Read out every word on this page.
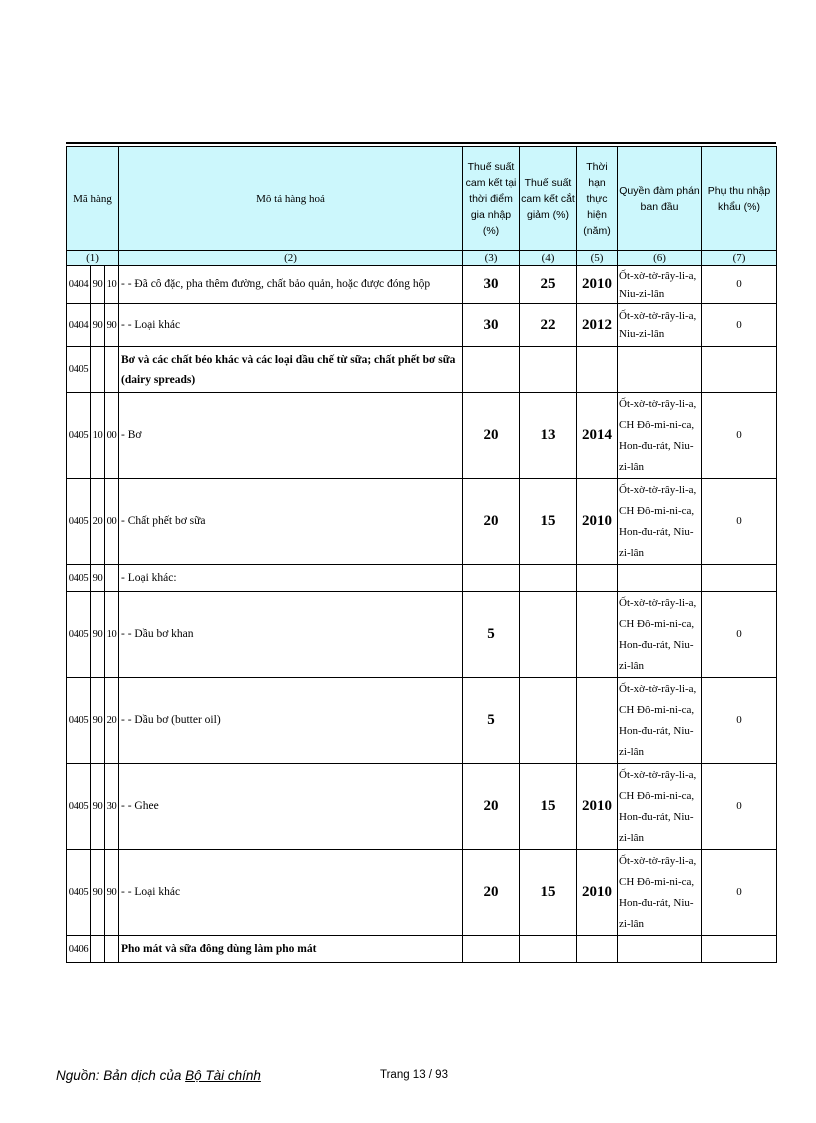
Mã hàng			Mô tả hàng hoá	Thuế suất cam kết tại thời điểm gia nhập (%)	Thuế suất cam kết cắt giảm (%)	Thời hạn thực hiện (năm)	Quyền đàm phán ban đầu	Phụ thu nhập khẩu (%)
(1)			(2)	(3)	(4)	(5)	(6)	(7)
0404	90	10	- - Đã cô đặc, pha thêm đường, chất bảo quản, hoặc được đóng hộp	30	25	2010	Ốt-xờ-tờ-rây-li-a, Niu-zi-lân	0
0404	90	90	- - Loại khác	30	22	2012	Ốt-xờ-tờ-rây-li-a, Niu-zi-lân	0
0405			Bơ và các chất béo khác và các loại dầu chế từ sữa; chất phết bơ sữa (dairy spreads)					
0405	10	00	- Bơ	20	13	2014	Ốt-xờ-tờ-rây-li-a, CH Đô-mi-ni-ca, Hon-đu-rát, Niu-zi-lân	0
0405	20	00	- Chất phết bơ sữa	20	15	2010	Ốt-xờ-tờ-rây-li-a, CH Đô-mi-ni-ca, Hon-đu-rát, Niu-zi-lân	0
0405	90		- Loại khác:					
0405	90	10	- - Dầu bơ khan	5			Ốt-xờ-tờ-rây-li-a, CH Đô-mi-ni-ca, Hon-đu-rát, Niu-zi-lân	0
0405	90	20	- - Dầu bơ (butter oil)	5			Ốt-xờ-tờ-rây-li-a, CH Đô-mi-ni-ca, Hon-đu-rát, Niu-zi-lân	0
0405	90	30	- - Ghee	20	15	2010	Ốt-xờ-tờ-rây-li-a, CH Đô-mi-ni-ca, Hon-đu-rát, Niu-zi-lân	0
0405	90	90	- - Loại khác	20	15	2010	Ốt-xờ-tờ-rây-li-a, CH Đô-mi-ni-ca, Hon-đu-rát, Niu-zi-lân	0
0406			Pho mát và sữa đông dùng làm pho mát					
Nguồn: Bản dịch của Bộ Tài chính	Trang 13 / 93
